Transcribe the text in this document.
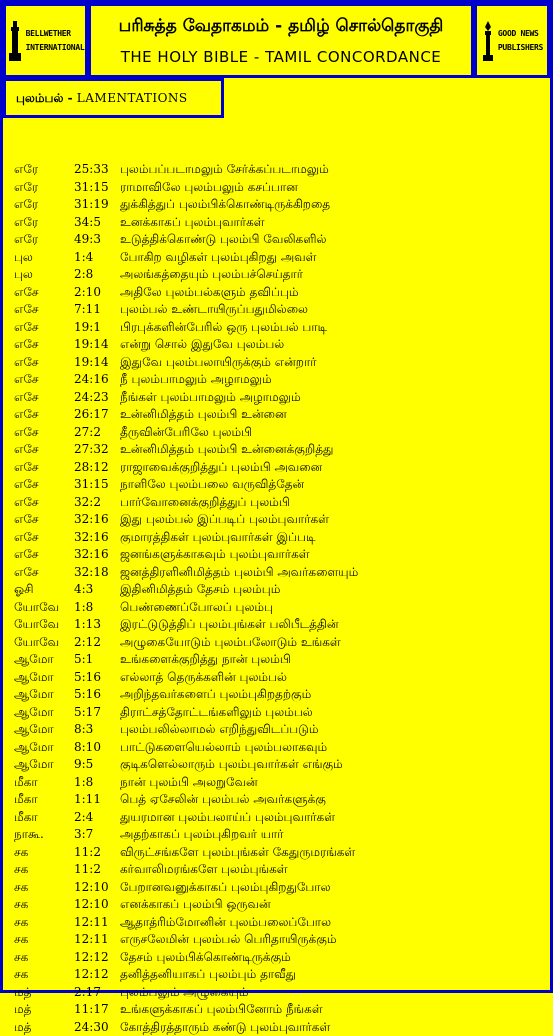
BELLWETHER
INTERNATIONAL
பரிசுத்த வேதாகமம் - தமிழ் சொல்தொகுதி
THE HOLY BIBLE - TAMIL CONCORDANCE
GOOD NEWS
PUBLISHERS
புலம்பல் - LAMENTATIONS
எரே	25:33 புலம்பப்படாமலும் சேர்க்கப்படாமலும்
எரே	31:15 ராமாவிலே புலம்பலும் கசப்பான
எரே	31:19 துக்கித்துப் புலம்பிக்கொண்டிருக்கிறதை
எரே	34:5 உனக்காகப் புலம்புவார்கள்
எரே	49:3 உடுத்திக்கொண்டு புலம்பி வேலிகளில்
புல	1:4 போகிற வழிகள் புலம்புகிறது அவள்
புல	2:8 அலங்கத்தையும் புலம்பச்செய்தார்
எசே	2:10 அதிலே புலம்பல்களும் தவிப்பும்
எசே	7:11 புலம்பல் உண்டாயிருப்பதுமில்லை
எசே	19:1 பிரபுக்களின்பேரில் ஒரு புலம்பல் பாடி
எசே	19:14 என்று சொல் இதுவே புலம்பல்
எசே	19:14 இதுவே புலம்பலாயிருக்கும் என்றார்
எசே	24:16 நீ புலம்பாமலும் அழாமலும்
எசே	24:23 நீங்கள் புலம்பாமலும் அழாமலும்
எசே	26:17 உன்னிமித்தம் புலம்பி உன்னை
எசே	27:2 தீருவின்பேரிலே புலம்பி
எசே	27:32 உன்னிமித்தம் புலம்பி உன்னைக்குறித்து
எசே	28:12 ராஜாவைக்குறித்துப் புலம்பி அவனை
எசே	31:15 நாளிலே புலம்பலை வருவித்தேன்
எசே	32:2 பார்வோனைக்குறித்துப் புலம்பி
எசே	32:16 இது புலம்பல் இப்படிப் புலம்புவார்கள்
எசே	32:16 குமாரத்திகள் புலம்புவார்கள் இப்படி
எசே	32:16 ஜனங்களுக்காகவும் புலம்புவார்கள்
எசே	32:18 ஜனத்திரளினிமித்தம் புலம்பி அவர்களையும்
ஓசி	4:3 இதினிமித்தம் தேசம் புலம்பும்
யோவே 1:8 பெண்ணைப்போலப் புலம்பு
யோவே 1:13 இரட்டுடுத்திப் புலம்புங்கள் பலிபீடத்தின்
யோவே 2:12 அழுகையோடும் புலம்பலோடும் உங்கள்
ஆமோ 5:1 உங்களைக்குறித்து நான் புலம்பி
ஆமோ 5:16 எல்லாத் தெருக்களின் புலம்பல்
ஆமோ 5:16 அறிந்தவர்களைப் புலம்புகிறதற்கும்
ஆமோ 5:17 திராட்சத்தோட்டங்களிலும் புலம்பல்
ஆமோ 8:3 புலம்பலில்லாமல் எறிந்துவிடப்படும்
ஆமோ 8:10 பாட்டுகளையெல்லாம் புலம்பலாகவும்
ஆமோ 9:5 குடிகளெல்லாரும் புலம்புவார்கள் எங்கும்
மீகா	1:8 நான் புலம்பி அலறுவேன்
மீகா	1:11 பெத் ஏசேலின் புலம்பல் அவர்களுக்கு
மீகா	2:4 துயரமான புலம்பலாய்ப் புலம்புவார்கள்
நாகூ.	3:7 அதற்காகப் புலம்புகிறவர் யார்
சக	11:2 விருட்சங்களே புலம்புங்கள் கேதுருமரங்கள்
சக	11:2 கர்வாலிமரங்களே புலம்புங்கள்
சக	12:10 பேறானவனுக்காகப் புலம்புகிறதுபோல
சக	12:10 எனக்காகப் புலம்பி ஒருவன்
சக	12:11 ஆதாத்ரிம்மோனின் புலம்பலைப்போல
சக	12:11 எருசலேமின் புலம்பல் பெரிதாயிருக்கும்
சக	12:12 தேசம் புலம்பிக்கொண்டிருக்கும்
சக	12:12 தனித்தனியாகப் புலம்பும் தாவீது
மத்	2:17 புலம்பலும் அழுகையும்
மத்	11:17 உங்களுக்காகப் புலம்பினோம் நீங்கள்
மத்	24:30 கோத்திரத்தாரும் கண்டு புலம்புவார்கள்
